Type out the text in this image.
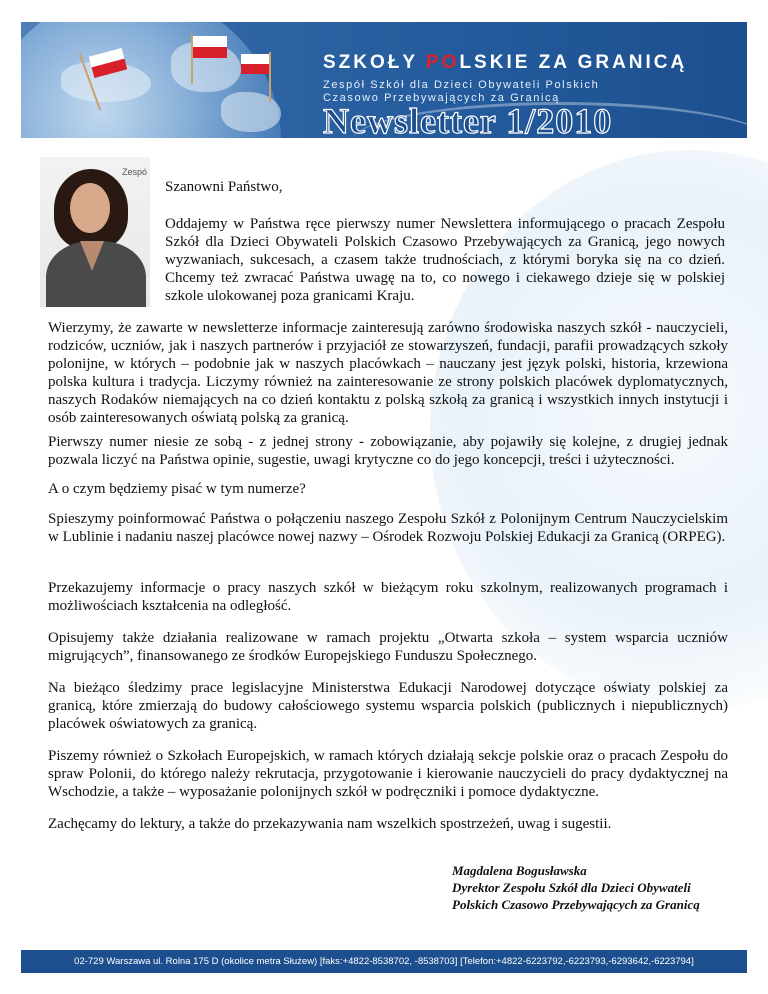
SZKOŁY POLSKIE ZA GRANICĄ
Zespół Szkół dla Dzieci Obywateli Polskich
Czasowo Przebywających za Granicą
Newsletter 1/2010
Zespó
Szanowni Państwo,
Oddajemy w Państwa ręce pierwszy numer Newslettera informującego o pracach Zespołu Szkół dla Dzieci Obywateli Polskich Czasowo Przebywających za Granicą, jego nowych wyzwaniach, sukcesach, a czasem także trudnościach, z którymi boryka się na co dzień. Chcemy też zwracać Państwa uwagę na to, co nowego i ciekawego dzieje się w polskiej szkole ulokowanej poza granicami Kraju.
Wierzymy, że zawarte w newsletterze informacje zainteresują zarówno środowiska naszych szkół - nauczycieli, rodziców, uczniów, jak i naszych partnerów i przyjaciół ze stowarzyszeń, fundacji, parafii prowadzących szkoły polonijne, w których – podobnie jak w naszych placówkach – nauczany jest język polski, historia, krzewiona polska kultura i tradycja. Liczymy również na zainteresowanie ze strony polskich placówek dyplomatycznych, naszych Rodaków niemających na co dzień kontaktu z polską szkołą za granicą i wszystkich innych instytucji i osób zainteresowanych oświatą polską za granicą.
Pierwszy numer niesie ze sobą - z jednej strony - zobowiązanie, aby pojawiły się kolejne, z drugiej jednak pozwala liczyć na Państwa opinie, sugestie, uwagi krytyczne co do jego koncepcji, treści i użyteczności.
A o czym będziemy pisać w tym numerze?
Spieszymy poinformować Państwa o połączeniu naszego Zespołu Szkół z Polonijnym Centrum Nauczycielskim w Lublinie i nadaniu naszej placówce nowej nazwy – Ośrodek Rozwoju Polskiej Edukacji za Granicą (ORPEG).
Przekazujemy informacje o pracy naszych szkół w bieżącym roku szkolnym, realizowanych programach i możliwościach kształcenia na odległość.
Opisujemy także działania realizowane w ramach projektu „Otwarta szkoła – system wsparcia uczniów migrujących”, finansowanego ze środków Europejskiego Funduszu Społecznego.
Na bieżąco śledzimy prace legislacyjne Ministerstwa Edukacji Narodowej dotyczące oświaty polskiej za granicą, które zmierzają do budowy całościowego systemu wsparcia polskich (publicznych i niepublicznych) placówek oświatowych za granicą.
Piszemy również o Szkołach Europejskich, w ramach których działają sekcje polskie oraz o pracach Zespołu do spraw Polonii, do którego należy rekrutacja, przygotowanie i kierowanie nauczycieli do pracy dydaktycznej na Wschodzie, a także – wyposażanie polonijnych szkół w podręczniki i pomoce dydaktyczne.
Zachęcamy do lektury, a także do przekazywania nam wszelkich spostrzeżeń, uwag i sugestii.
Magdalena Bogusławska
Dyrektor Zespołu Szkół dla Dzieci Obywateli
Polskich Czasowo Przebywających za Granicą
02-729 Warszawa ul. Rolna 175 D (okolice metra Służew) [faks:+4822-8538702, -8538703] [Telefon:+4822-6223792,-6223793,-6293642,-6223794]
